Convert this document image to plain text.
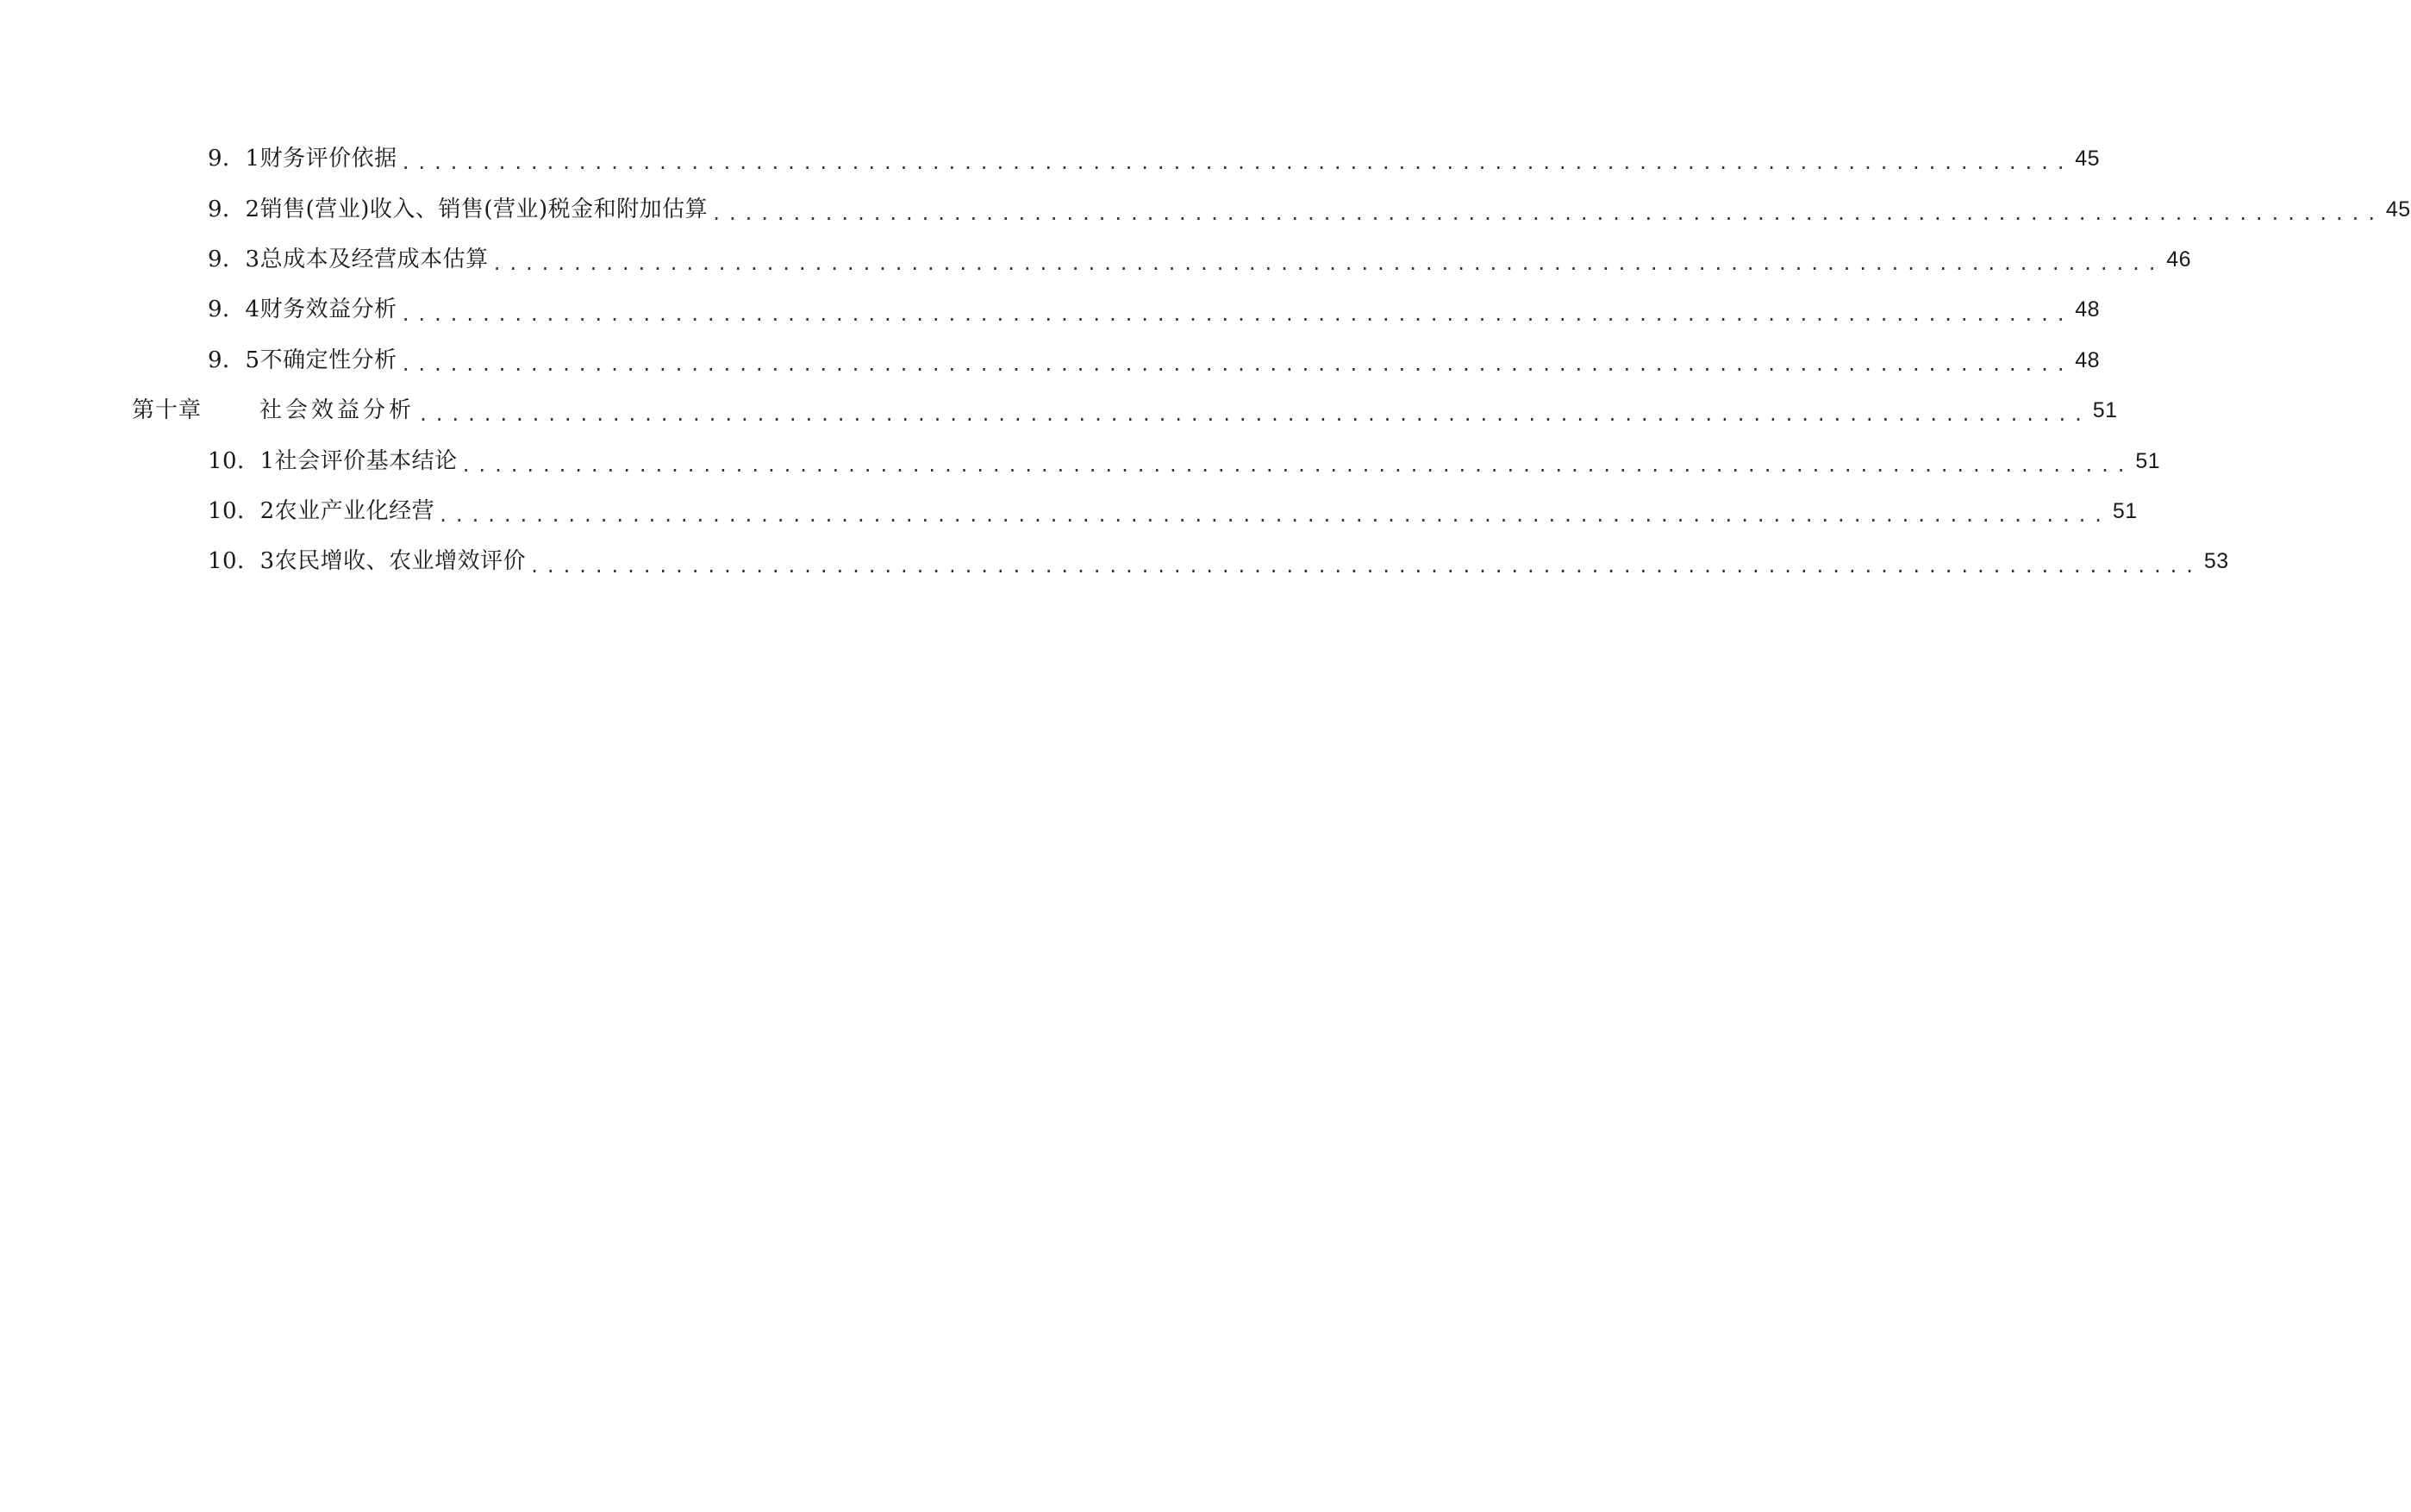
9．1 财务评价依据 ........................................................................................................ 45
9．2 销售(营业)收入、销售(营业)税金和附加估算 ........................................................................................................ 45
9．3 总成本及经营成本估算 ........................................................................................................ 46
9．4 财务效益分析 ........................................................................................................ 48
9．5 不确定性分析 ........................................................................................................ 48
第十章	社会效益分析 ........................................................................................................ 51
10．1 社会评价基本结论 ........................................................................................................ 51
10．2 农业产业化经营 ........................................................................................................ 51
10．3 农民增收、农业增效评价 ........................................................................................................ 53
